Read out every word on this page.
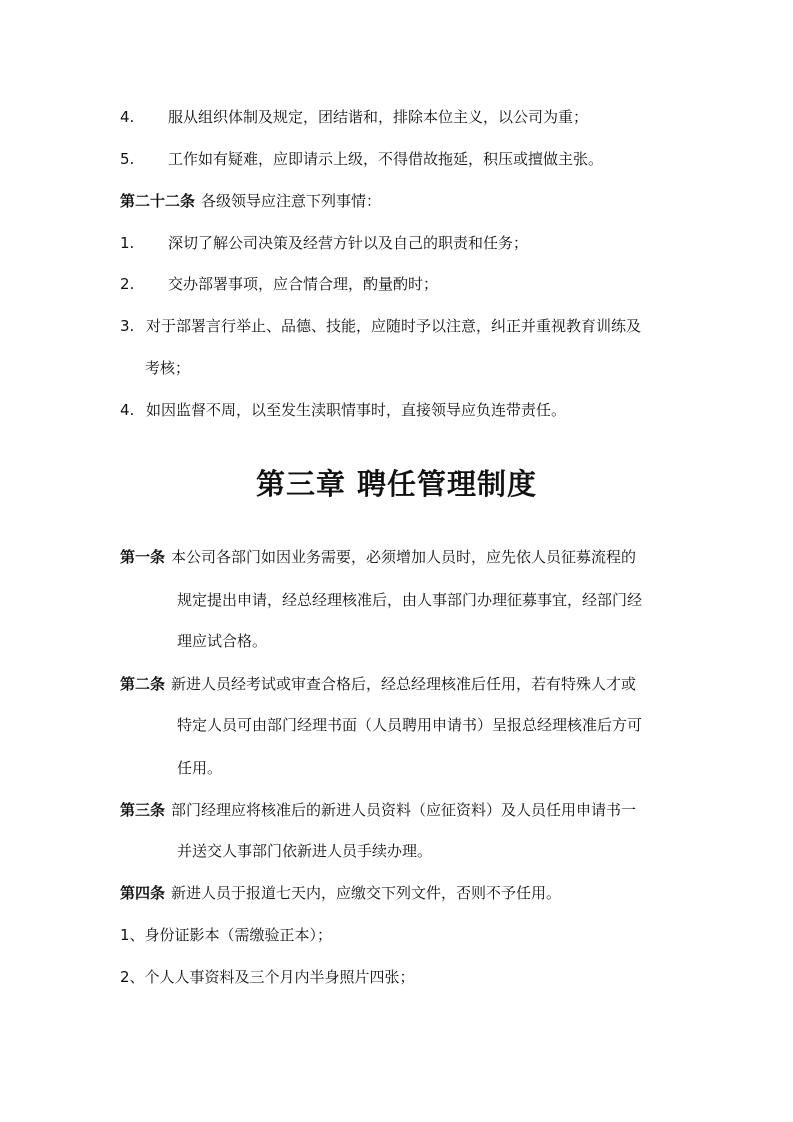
4. 服从组织体制及规定，团结谐和，排除本位主义，以公司为重；
5. 工作如有疑难，应即请示上级，不得借故拖延，积压或擅做主张。
第二十二条 各级领导应注意下列事情：
1. 深切了解公司决策及经营方针以及自己的职责和任务；
2. 交办部署事项，应合情合理，酌量酌时；
3. 对于部署言行举止、品德、技能，应随时予以注意，纠正并重视教育训练及
考核；
4. 如因监督不周，以至发生渎职情事时，直接领导应负连带责任。
第三章 聘任管理制度
第一条 本公司各部门如因业务需要，必须增加人员时，应先依人员征募流程的
规定提出申请，经总经理核准后，由人事部门办理征募事宜，经部门经
理应试合格。
第二条 新进人员经考试或审查合格后，经总经理核准后任用，若有特殊人才或
特定人员可由部门经理书面（人员聘用申请书）呈报总经理核准后方可
任用。
第三条 部门经理应将核准后的新进人员资料（应征资料）及人员任用申请书一
并送交人事部门依新进人员手续办理。
第四条 新进人员于报道七天内，应缴交下列文件，否则不予任用。
1、身份证影本（需缴验正本）；
2、个人人事资料及三个月内半身照片四张；
